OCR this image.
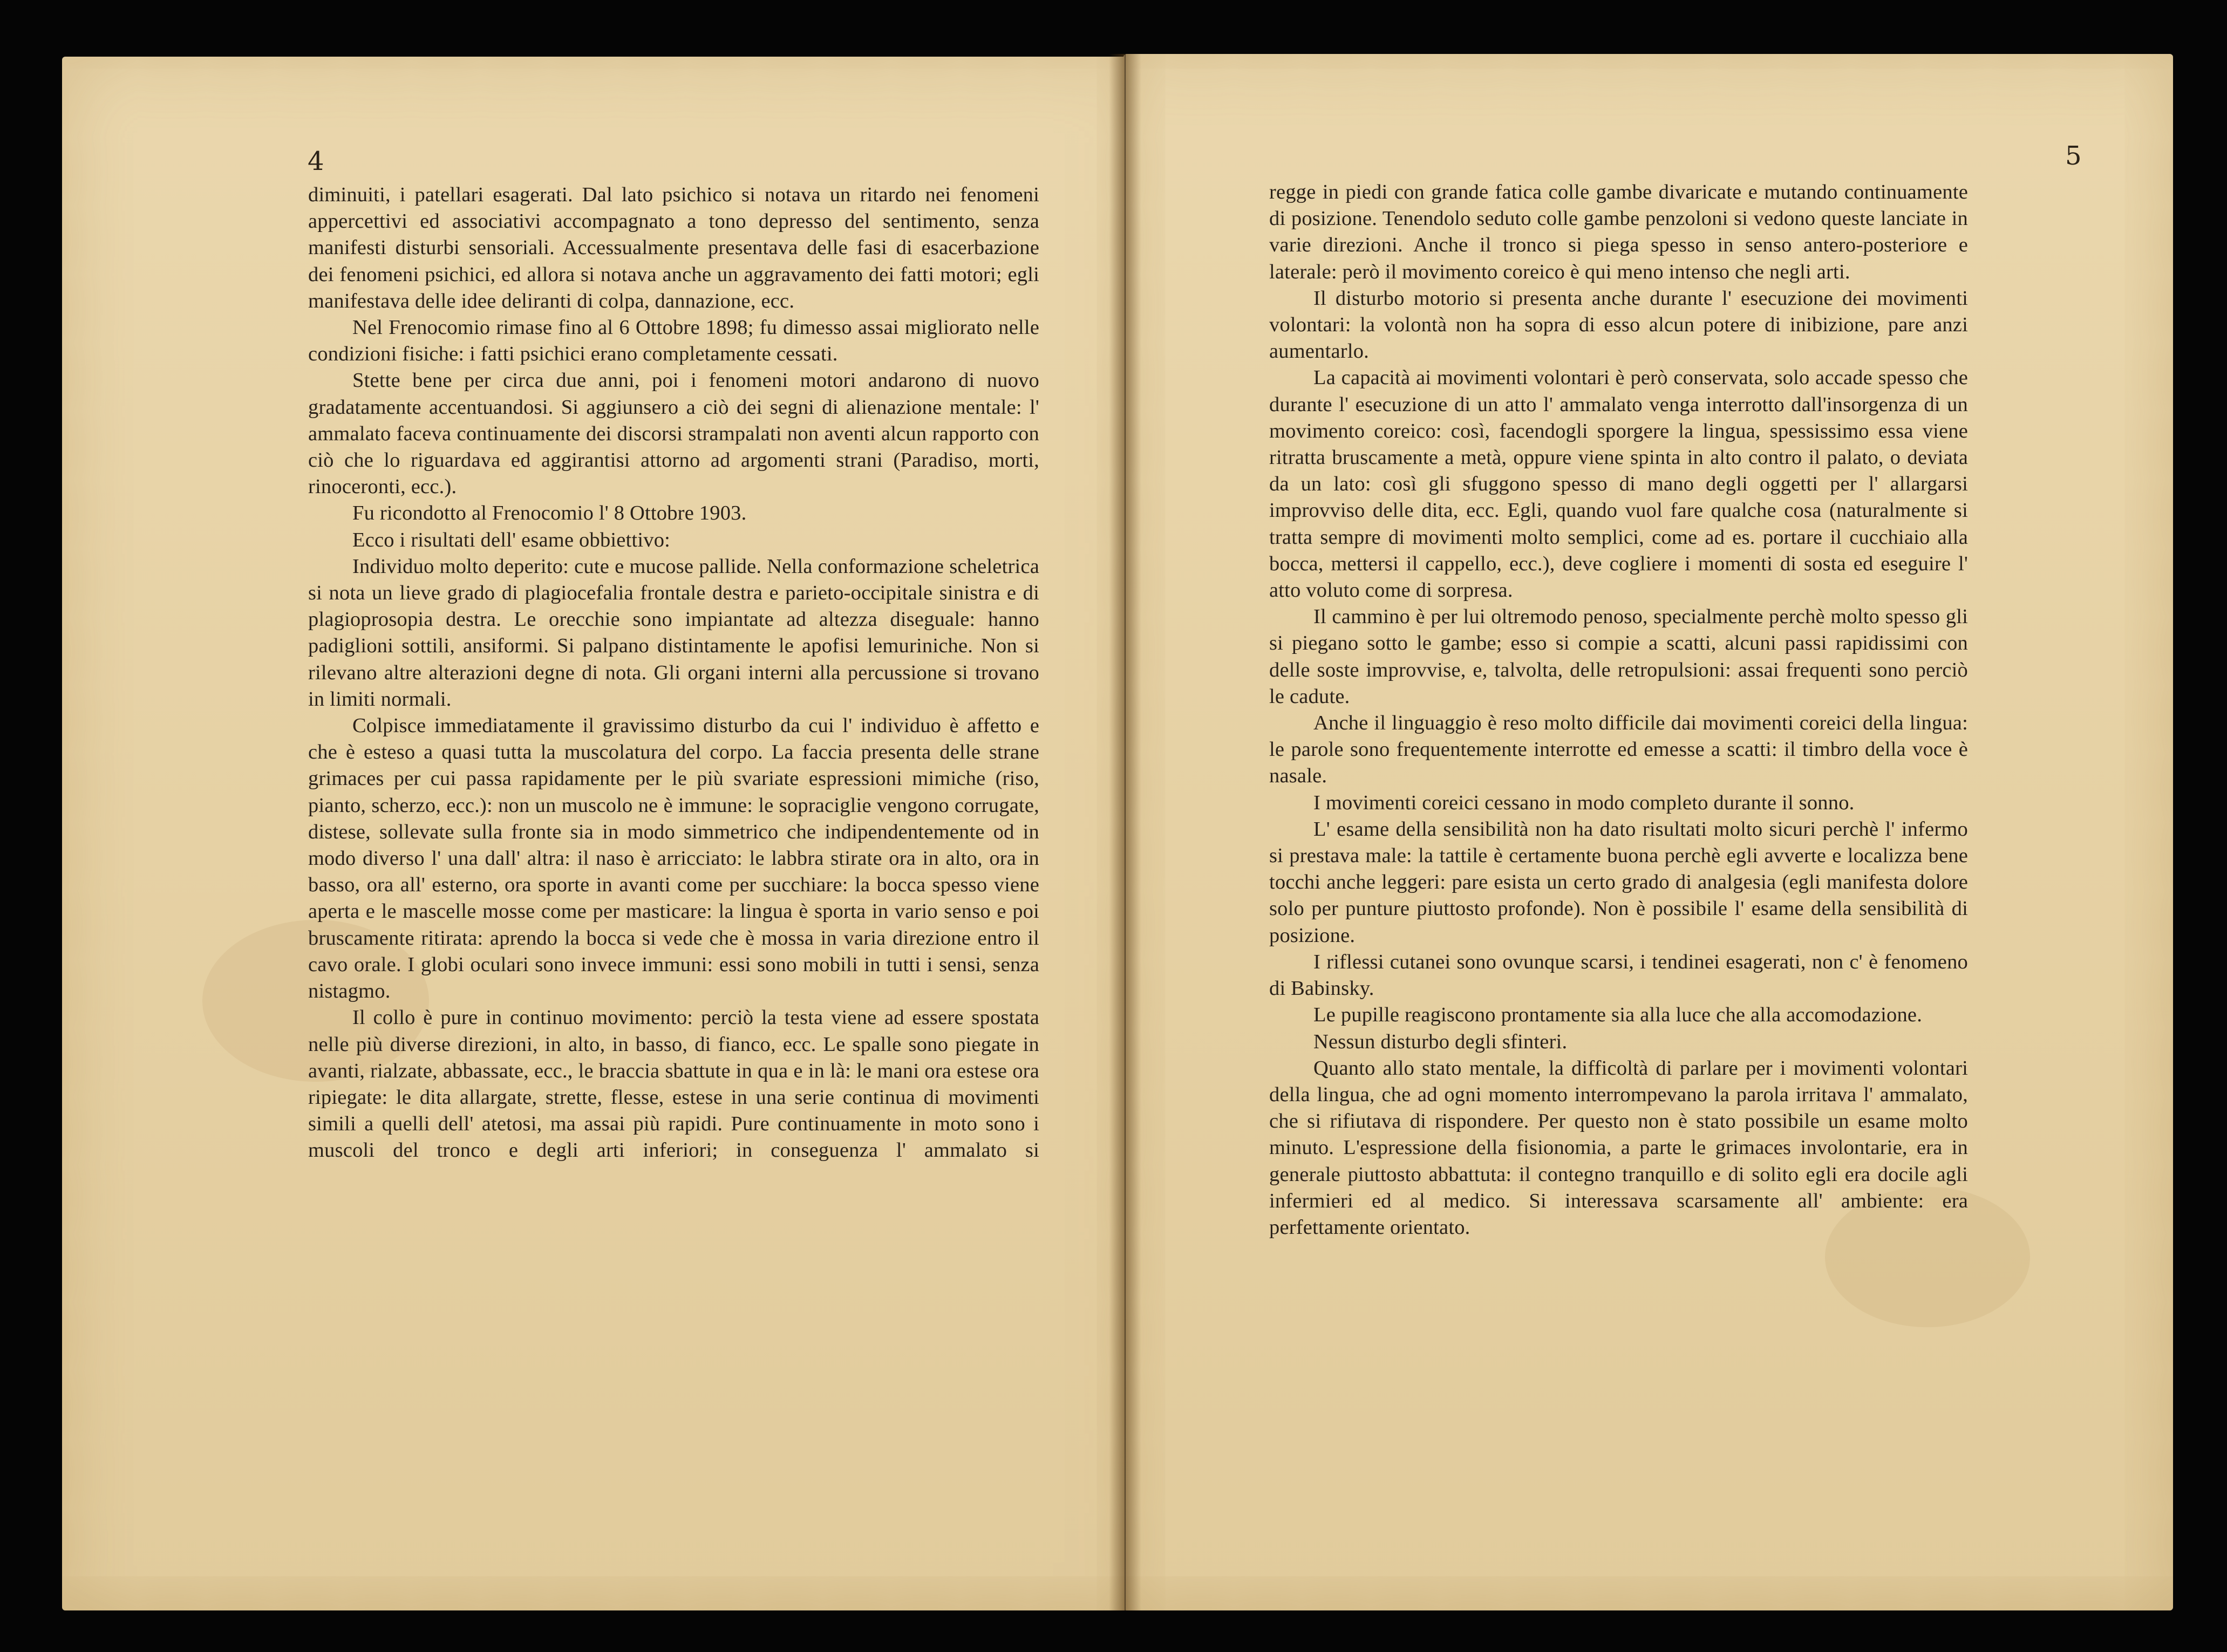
4

diminuiti, i patellari esagerati. Dal lato psichico si notava un ritardo nei fenomeni appercettivi ed associativi accompagnato a tono depresso del sentimento, senza manifesti disturbi sensoriali. Accessualmente presentava delle fasi di esacerbazione dei fenomeni psichici, ed allora si notava anche un aggravamento dei fatti motori; egli manifestava delle idee deliranti di colpa, dannazione, ecc.

Nel Frenocomio rimase fino al 6 Ottobre 1898; fu dimesso assai migliorato nelle condizioni fisiche: i fatti psichici erano completamente cessati.

Stette bene per circa due anni, poi i fenomeni motori andarono di nuovo gradatamente accentuandosi. Si aggiunsero a ciò dei segni di alienazione mentale: l' ammalato faceva continuamente dei discorsi strampalati non aventi alcun rapporto con ciò che lo riguardava ed aggirantisi attorno ad argomenti strani (Paradiso, morti, rinoceronti, ecc.).

Fu ricondotto al Frenocomio l' 8 Ottobre 1903.

Ecco i risultati dell' esame obbiettivo:

Individuo molto deperito: cute e mucose pallide. Nella conformazione scheletrica si nota un lieve grado di plagiocefalia frontale destra e parieto-occipitale sinistra e di plagioprosopia destra. Le orecchie sono impiantate ad altezza diseguale: hanno padiglioni sottili, ansiformi. Si palpano distintamente le apofisi lemuriniche. Non si rilevano altre alterazioni degne di nota. Gli organi interni alla percussione si trovano in limiti normali.

Colpisce immediatamente il gravissimo disturbo da cui l' individuo è affetto e che è esteso a quasi tutta la muscolatura del corpo. La faccia presenta delle strane grimaces per cui passa rapidamente per le più svariate espressioni mimiche (riso, pianto, scherzo, ecc.): non un muscolo ne è immune: le sopraciglie vengono corrugate, distese, sollevate sulla fronte sia in modo simmetrico che indipendentemente od in modo diverso l' una dall' altra: il naso è arricciato: le labbra stirate ora in alto, ora in basso, ora all' esterno, ora sporte in avanti come per succhiare: la bocca spesso viene aperta e le mascelle mosse come per masticare: la lingua è sporta in vario senso e poi bruscamente ritirata: aprendo la bocca si vede che è mossa in varia direzione entro il cavo orale. I globi oculari sono invece immuni: essi sono mobili in tutti i sensi, senza nistagmo.

Il collo è pure in continuo movimento: perciò la testa viene ad essere spostata nelle più diverse direzioni, in alto, in basso, di fianco, ecc. Le spalle sono piegate in avanti, rialzate, abbassate, ecc., le braccia sbattute in qua e in là: le mani ora estese ora ripiegate: le dita allargate, strette, flesse, estese in una serie continua di movimenti simili a quelli dell' atetosi, ma assai più rapidi. Pure continuamente in moto sono i muscoli del tronco e degli arti inferiori; in conseguenza l' ammalato si

5

regge in piedi con grande fatica colle gambe divaricate e mutando continuamente di posizione. Tenendolo seduto colle gambe penzoloni si vedono queste lanciate in varie direzioni. Anche il tronco si piega spesso in senso antero-posteriore e laterale: però il movimento coreico è qui meno intenso che negli arti.

Il disturbo motorio si presenta anche durante l' esecuzione dei movimenti volontari: la volontà non ha sopra di esso alcun potere di inibizione, pare anzi aumentarlo.

La capacità ai movimenti volontari è però conservata, solo accade spesso che durante l' esecuzione di un atto l' ammalato venga interrotto dall'insorgenza di un movimento coreico: così, facendogli sporgere la lingua, spessissimo essa viene ritratta bruscamente a metà, oppure viene spinta in alto contro il palato, o deviata da un lato: così gli sfuggono spesso di mano degli oggetti per l' allargarsi improvviso delle dita, ecc. Egli, quando vuol fare qualche cosa (naturalmente si tratta sempre di movimenti molto semplici, come ad es. portare il cucchiaio alla bocca, mettersi il cappello, ecc.), deve cogliere i momenti di sosta ed eseguire l' atto voluto come di sorpresa.

Il cammino è per lui oltremodo penoso, specialmente perchè molto spesso gli si piegano sotto le gambe; esso si compie a scatti, alcuni passi rapidissimi con delle soste improvvise, e, talvolta, delle retropulsioni: assai frequenti sono perciò le cadute.

Anche il linguaggio è reso molto difficile dai movimenti coreici della lingua: le parole sono frequentemente interrotte ed emesse a scatti: il timbro della voce è nasale.

I movimenti coreici cessano in modo completo durante il sonno.

L' esame della sensibilità non ha dato risultati molto sicuri perchè l' infermo si prestava male: la tattile è certamente buona perchè egli avverte e localizza bene tocchi anche leggeri: pare esista un certo grado di analgesia (egli manifesta dolore solo per punture piuttosto profonde). Non è possibile l' esame della sensibilità di posizione.

I riflessi cutanei sono ovunque scarsi, i tendinei esagerati, non c' è fenomeno di Babinsky.

Le pupille reagiscono prontamente sia alla luce che alla accomodazione.

Nessun disturbo degli sfinteri.

Quanto allo stato mentale, la difficoltà di parlare per i movimenti volontari della lingua, che ad ogni momento interrompevano la parola irritava l' ammalato, che si rifiutava di rispondere. Per questo non è stato possibile un esame molto minuto. L'espressione della fisionomia, a parte le grimaces involontarie, era in generale piuttosto abbattuta: il contegno tranquillo e di solito egli era docile agli infermieri ed al medico. Si interessava scarsamente all' ambiente: era perfettamente orientato.
